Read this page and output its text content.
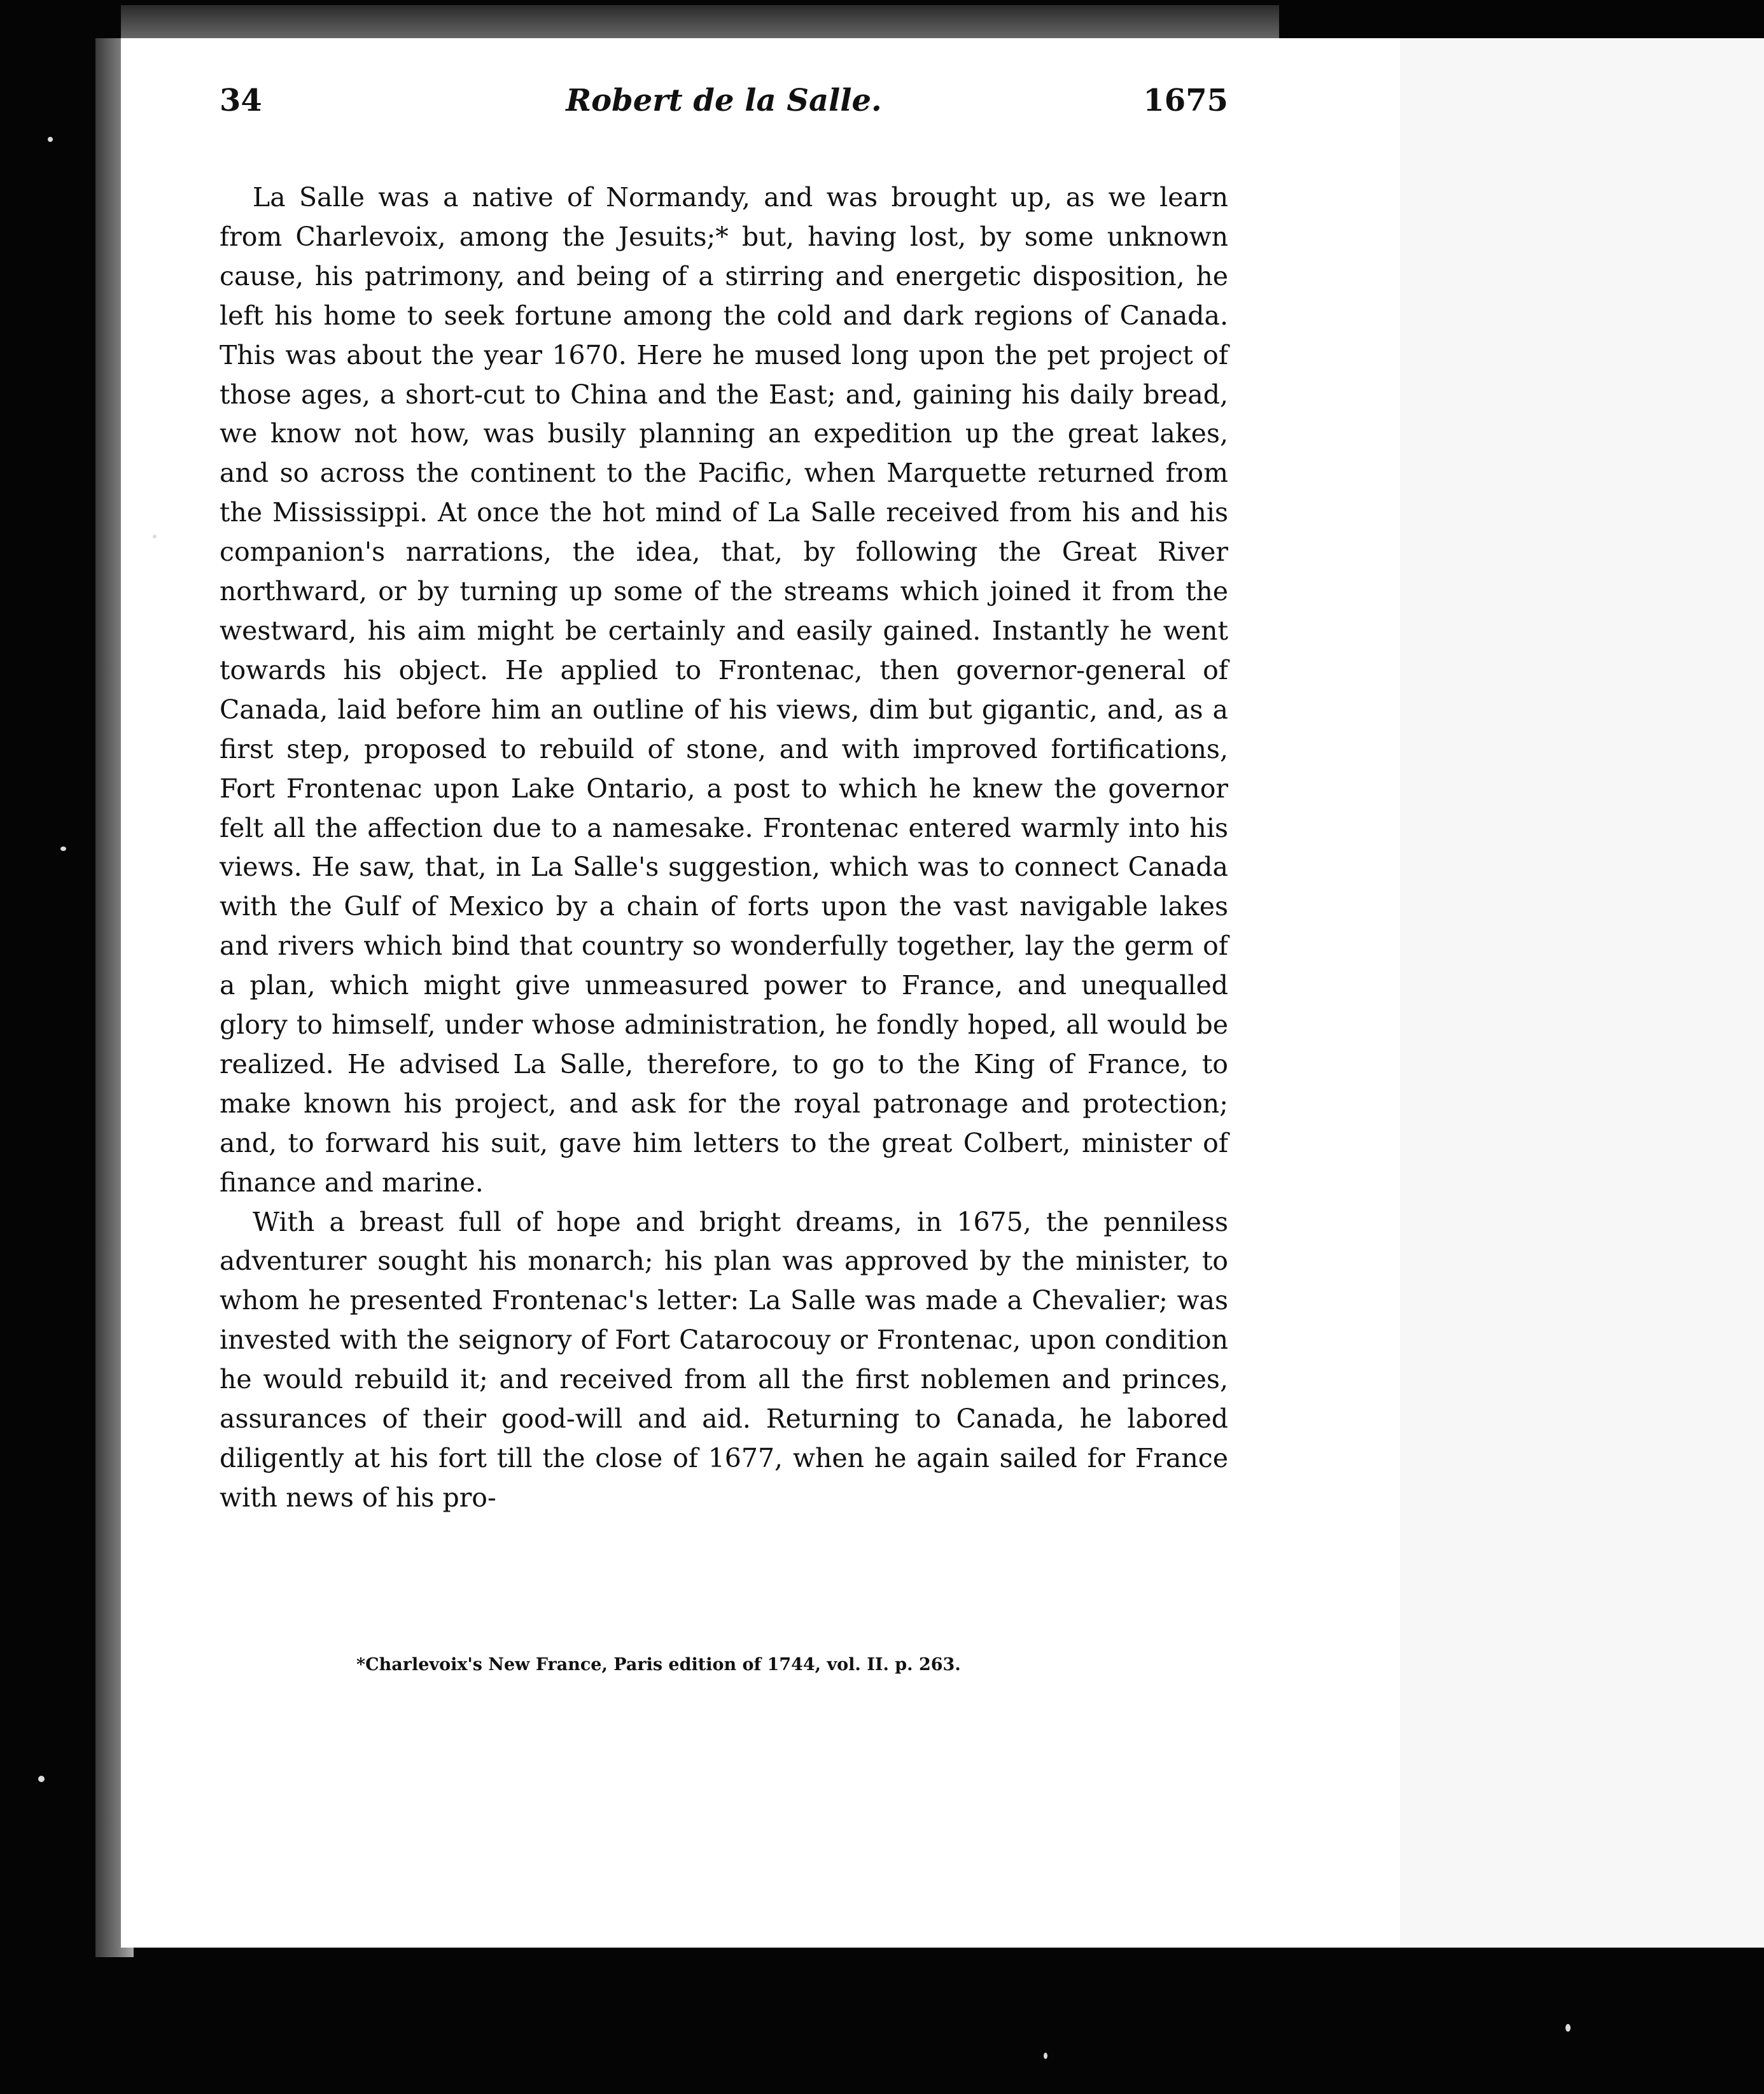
34	Robert de la Salle.	1675

La Salle was a native of Normandy, and was brought up, as we learn from Charlevoix, among the Jesuits;* but, having lost, by some unknown cause, his patrimony, and being of a stirring and energetic disposition, he left his home to seek fortune among the cold and dark regions of Canada. This was about the year 1670. Here he mused long upon the pet project of those ages, a short-cut to China and the East; and, gaining his daily bread, we know not how, was busily planning an expedition up the great lakes, and so across the continent to the Pacific, when Marquette returned from the Mississippi. At once the hot mind of La Salle received from his and his companion's narrations, the idea, that, by following the Great River northward, or by turning up some of the streams which joined it from the westward, his aim might be certainly and easily gained. Instantly he went towards his object. He applied to Frontenac, then governor-general of Canada, laid before him an outline of his views, dim but gigantic, and, as a first step, proposed to rebuild of stone, and with improved fortifications, Fort Frontenac upon Lake Ontario, a post to which he knew the governor felt all the affection due to a namesake. Frontenac entered warmly into his views. He saw, that, in La Salle's suggestion, which was to connect Canada with the Gulf of Mexico by a chain of forts upon the vast navigable lakes and rivers which bind that country so wonderfully together, lay the germ of a plan, which might give unmeasured power to France, and unequalled glory to himself, under whose administration, he fondly hoped, all would be realized. He advised La Salle, therefore, to go to the King of France, to make known his project, and ask for the royal patronage and protection; and, to forward his suit, gave him letters to the great Colbert, minister of finance and marine.

With a breast full of hope and bright dreams, in 1675, the penniless adventurer sought his monarch; his plan was approved by the minister, to whom he presented Frontenac's letter: La Salle was made a Chevalier; was invested with the seignory of Fort Catarocouy or Frontenac, upon condition he would rebuild it; and received from all the first noblemen and princes, assurances of their good-will and aid. Returning to Canada, he labored diligently at his fort till the close of 1677, when he again sailed for France with news of his pro-

*Charlevoix's New France, Paris edition of 1744, vol. II. p. 263.
